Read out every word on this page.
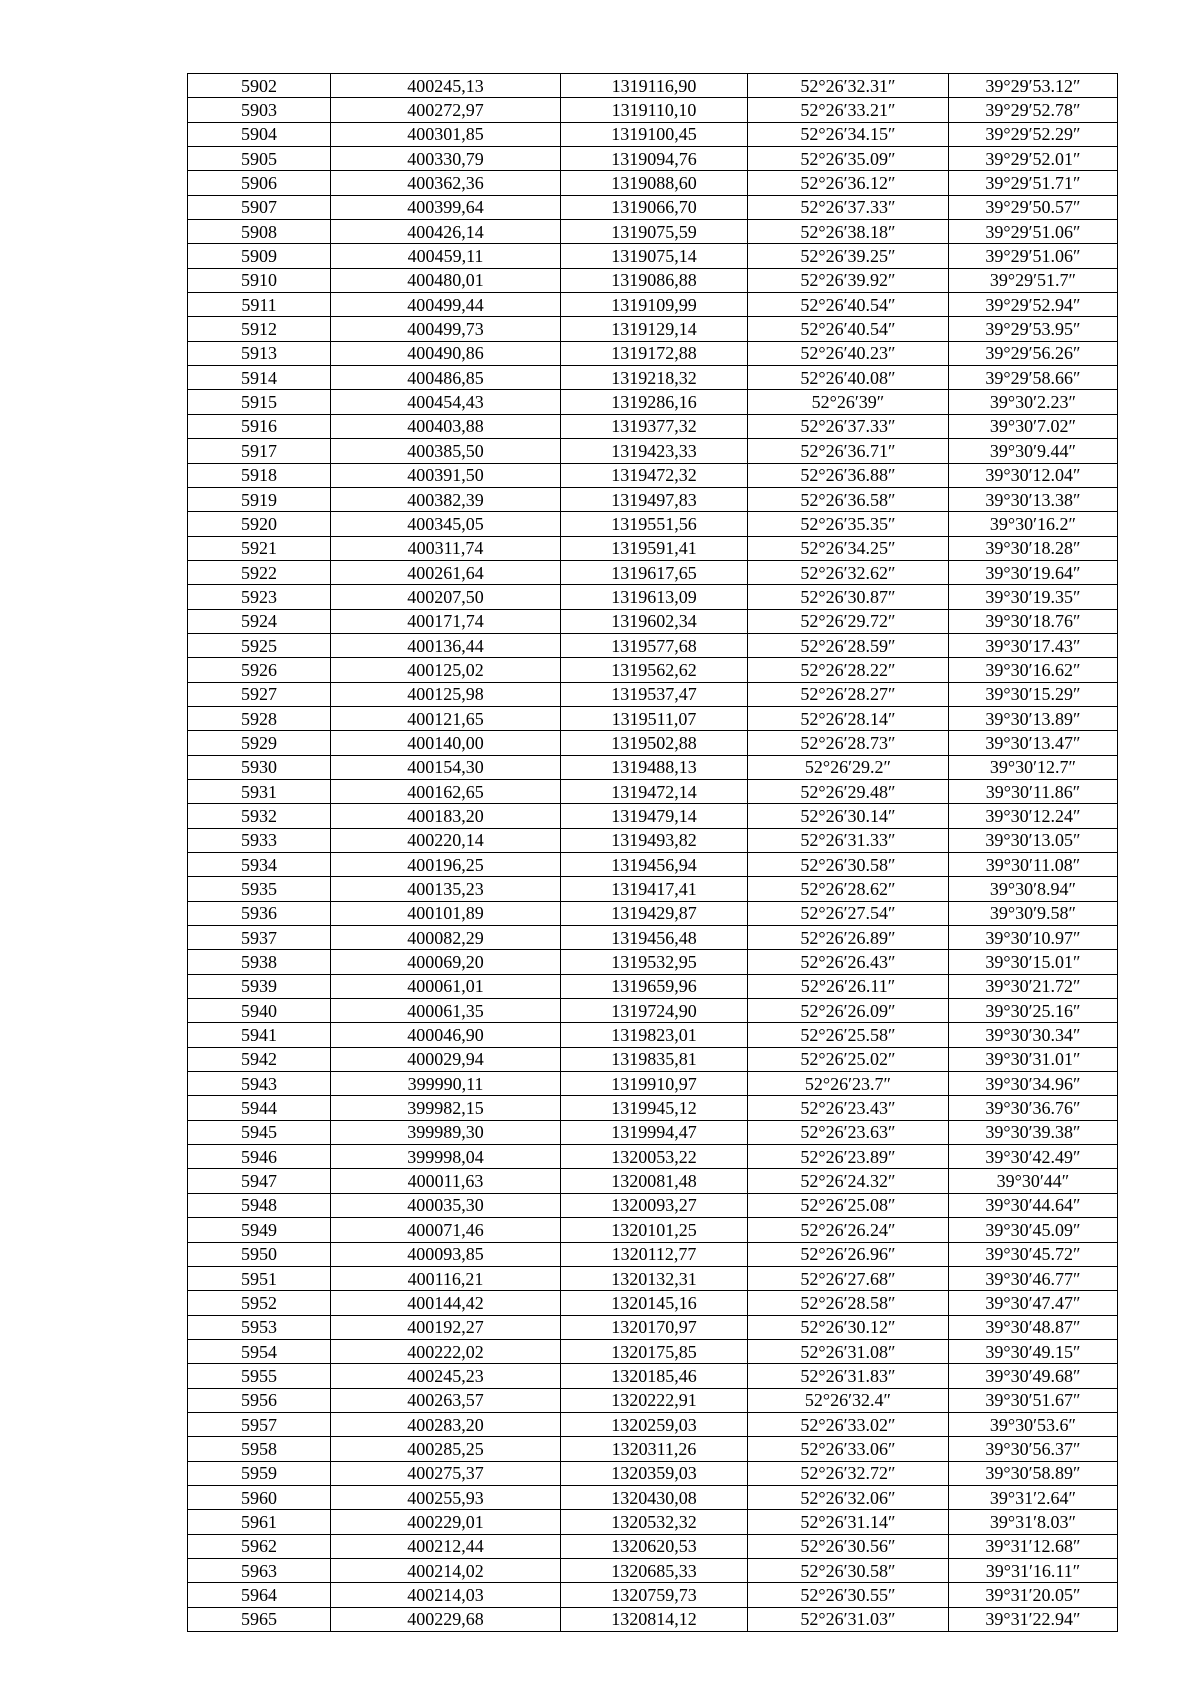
5902	400245,13	1319116,90	52°26′32.31″	39°29′53.12″
5903	400272,97	1319110,10	52°26′33.21″	39°29′52.78″
5904	400301,85	1319100,45	52°26′34.15″	39°29′52.29″
5905	400330,79	1319094,76	52°26′35.09″	39°29′52.01″
5906	400362,36	1319088,60	52°26′36.12″	39°29′51.71″
5907	400399,64	1319066,70	52°26′37.33″	39°29′50.57″
5908	400426,14	1319075,59	52°26′38.18″	39°29′51.06″
5909	400459,11	1319075,14	52°26′39.25″	39°29′51.06″
5910	400480,01	1319086,88	52°26′39.92″	39°29′51.7″
5911	400499,44	1319109,99	52°26′40.54″	39°29′52.94″
5912	400499,73	1319129,14	52°26′40.54″	39°29′53.95″
5913	400490,86	1319172,88	52°26′40.23″	39°29′56.26″
5914	400486,85	1319218,32	52°26′40.08″	39°29′58.66″
5915	400454,43	1319286,16	52°26′39″	39°30′2.23″
5916	400403,88	1319377,32	52°26′37.33″	39°30′7.02″
5917	400385,50	1319423,33	52°26′36.71″	39°30′9.44″
5918	400391,50	1319472,32	52°26′36.88″	39°30′12.04″
5919	400382,39	1319497,83	52°26′36.58″	39°30′13.38″
5920	400345,05	1319551,56	52°26′35.35″	39°30′16.2″
5921	400311,74	1319591,41	52°26′34.25″	39°30′18.28″
5922	400261,64	1319617,65	52°26′32.62″	39°30′19.64″
5923	400207,50	1319613,09	52°26′30.87″	39°30′19.35″
5924	400171,74	1319602,34	52°26′29.72″	39°30′18.76″
5925	400136,44	1319577,68	52°26′28.59″	39°30′17.43″
5926	400125,02	1319562,62	52°26′28.22″	39°30′16.62″
5927	400125,98	1319537,47	52°26′28.27″	39°30′15.29″
5928	400121,65	1319511,07	52°26′28.14″	39°30′13.89″
5929	400140,00	1319502,88	52°26′28.73″	39°30′13.47″
5930	400154,30	1319488,13	52°26′29.2″	39°30′12.7″
5931	400162,65	1319472,14	52°26′29.48″	39°30′11.86″
5932	400183,20	1319479,14	52°26′30.14″	39°30′12.24″
5933	400220,14	1319493,82	52°26′31.33″	39°30′13.05″
5934	400196,25	1319456,94	52°26′30.58″	39°30′11.08″
5935	400135,23	1319417,41	52°26′28.62″	39°30′8.94″
5936	400101,89	1319429,87	52°26′27.54″	39°30′9.58″
5937	400082,29	1319456,48	52°26′26.89″	39°30′10.97″
5938	400069,20	1319532,95	52°26′26.43″	39°30′15.01″
5939	400061,01	1319659,96	52°26′26.11″	39°30′21.72″
5940	400061,35	1319724,90	52°26′26.09″	39°30′25.16″
5941	400046,90	1319823,01	52°26′25.58″	39°30′30.34″
5942	400029,94	1319835,81	52°26′25.02″	39°30′31.01″
5943	399990,11	1319910,97	52°26′23.7″	39°30′34.96″
5944	399982,15	1319945,12	52°26′23.43″	39°30′36.76″
5945	399989,30	1319994,47	52°26′23.63″	39°30′39.38″
5946	399998,04	1320053,22	52°26′23.89″	39°30′42.49″
5947	400011,63	1320081,48	52°26′24.32″	39°30′44″
5948	400035,30	1320093,27	52°26′25.08″	39°30′44.64″
5949	400071,46	1320101,25	52°26′26.24″	39°30′45.09″
5950	400093,85	1320112,77	52°26′26.96″	39°30′45.72″
5951	400116,21	1320132,31	52°26′27.68″	39°30′46.77″
5952	400144,42	1320145,16	52°26′28.58″	39°30′47.47″
5953	400192,27	1320170,97	52°26′30.12″	39°30′48.87″
5954	400222,02	1320175,85	52°26′31.08″	39°30′49.15″
5955	400245,23	1320185,46	52°26′31.83″	39°30′49.68″
5956	400263,57	1320222,91	52°26′32.4″	39°30′51.67″
5957	400283,20	1320259,03	52°26′33.02″	39°30′53.6″
5958	400285,25	1320311,26	52°26′33.06″	39°30′56.37″
5959	400275,37	1320359,03	52°26′32.72″	39°30′58.89″
5960	400255,93	1320430,08	52°26′32.06″	39°31′2.64″
5961	400229,01	1320532,32	52°26′31.14″	39°31′8.03″
5962	400212,44	1320620,53	52°26′30.56″	39°31′12.68″
5963	400214,02	1320685,33	52°26′30.58″	39°31′16.11″
5964	400214,03	1320759,73	52°26′30.55″	39°31′20.05″
5965	400229,68	1320814,12	52°26′31.03″	39°31′22.94″
